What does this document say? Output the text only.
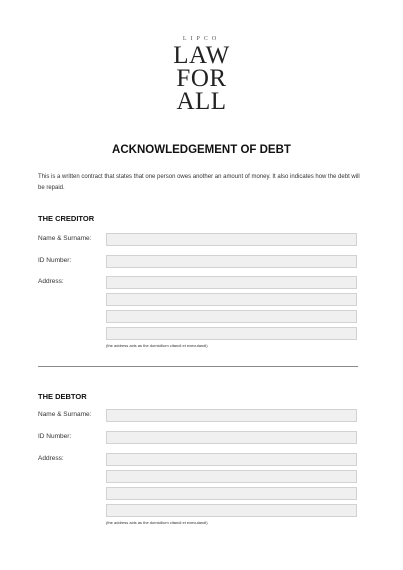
LIPCO
LAW
FOR
ALL
ACKNOWLEDGEMENT OF DEBT
This is a written contract that states that one person owes another an amount of money. It also indicates how the debt will be repaid.
THE CREDITOR
Name & Surname:
ID Number:
Address:
(the address acts as the domicilium citandi et executandi)
THE DEBTOR
Name & Surname:
ID Number:
Address:
(the address acts as the domicilium citandi et executandi)
